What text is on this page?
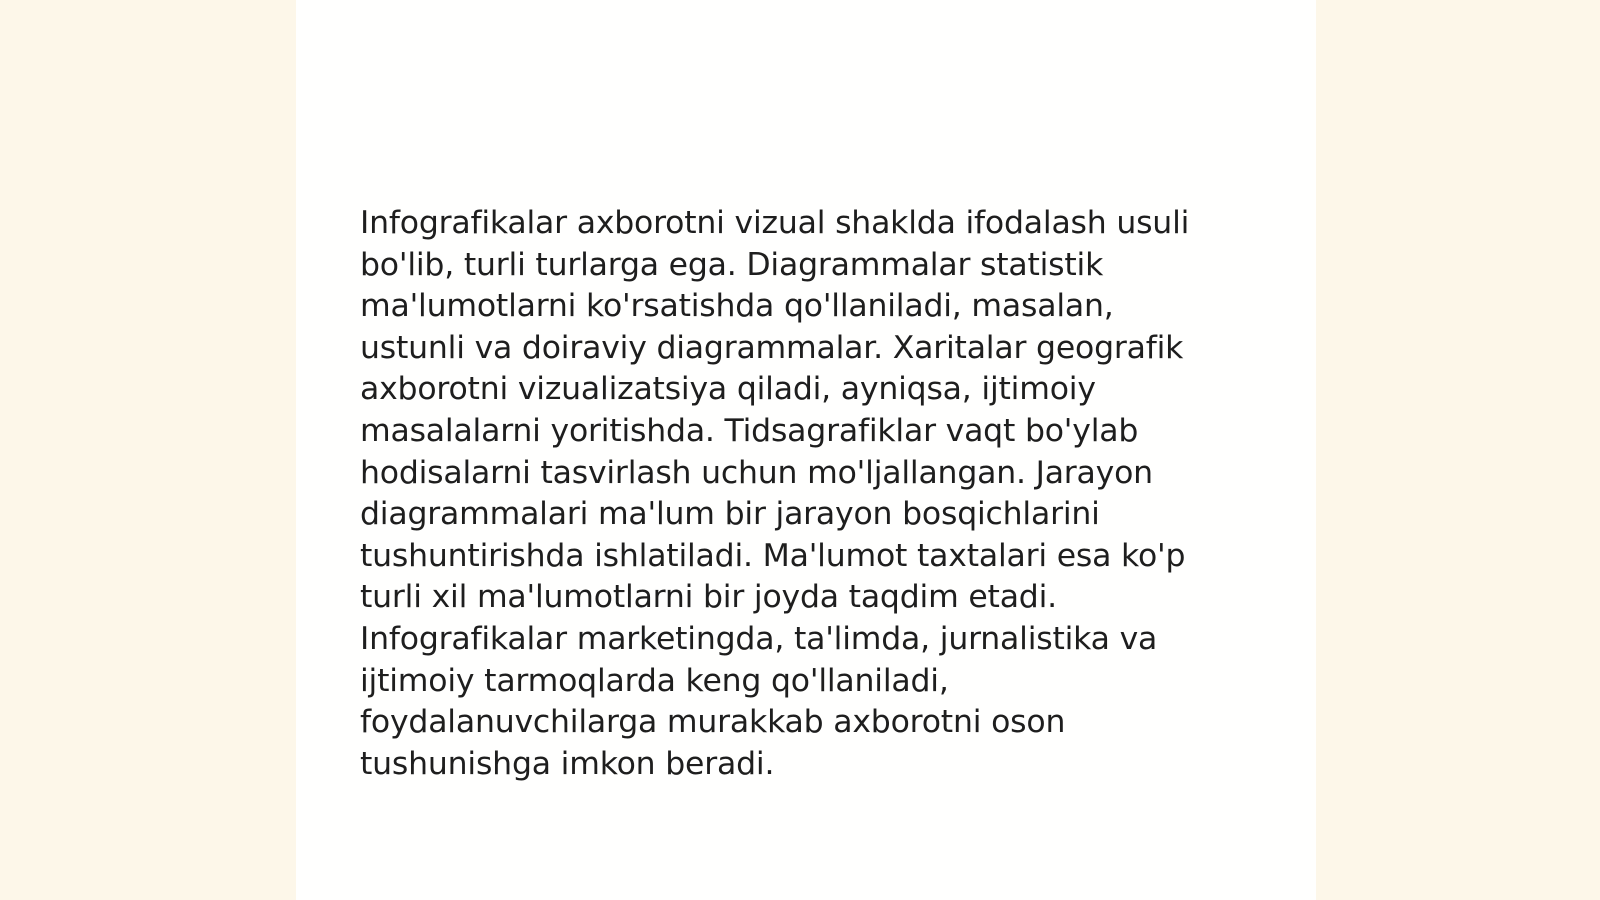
Infografikalar axborotni vizual shaklda ifodalash usuli
bo'lib, turli turlarga ega. Diagrammalar statistik
ma'lumotlarni ko'rsatishda qo'llaniladi, masalan,
ustunli va doiraviy diagrammalar. Xaritalar geografik
axborotni vizualizatsiya qiladi, ayniqsa, ijtimoiy
masalalarni yoritishda. Tidsagrafiklar vaqt bo'ylab
hodisalarni tasvirlash uchun mo'ljallangan. Jarayon
diagrammalari ma'lum bir jarayon bosqichlarini
tushuntirishda ishlatiladi. Ma'lumot taxtalari esa ko'p
turli xil ma'lumotlarni bir joyda taqdim etadi.
Infografikalar marketingda, ta'limda, jurnalistika va
ijtimoiy tarmoqlarda keng qo'llaniladi,
foydalanuvchilarga murakkab axborotni oson
tushunishga imkon beradi.
